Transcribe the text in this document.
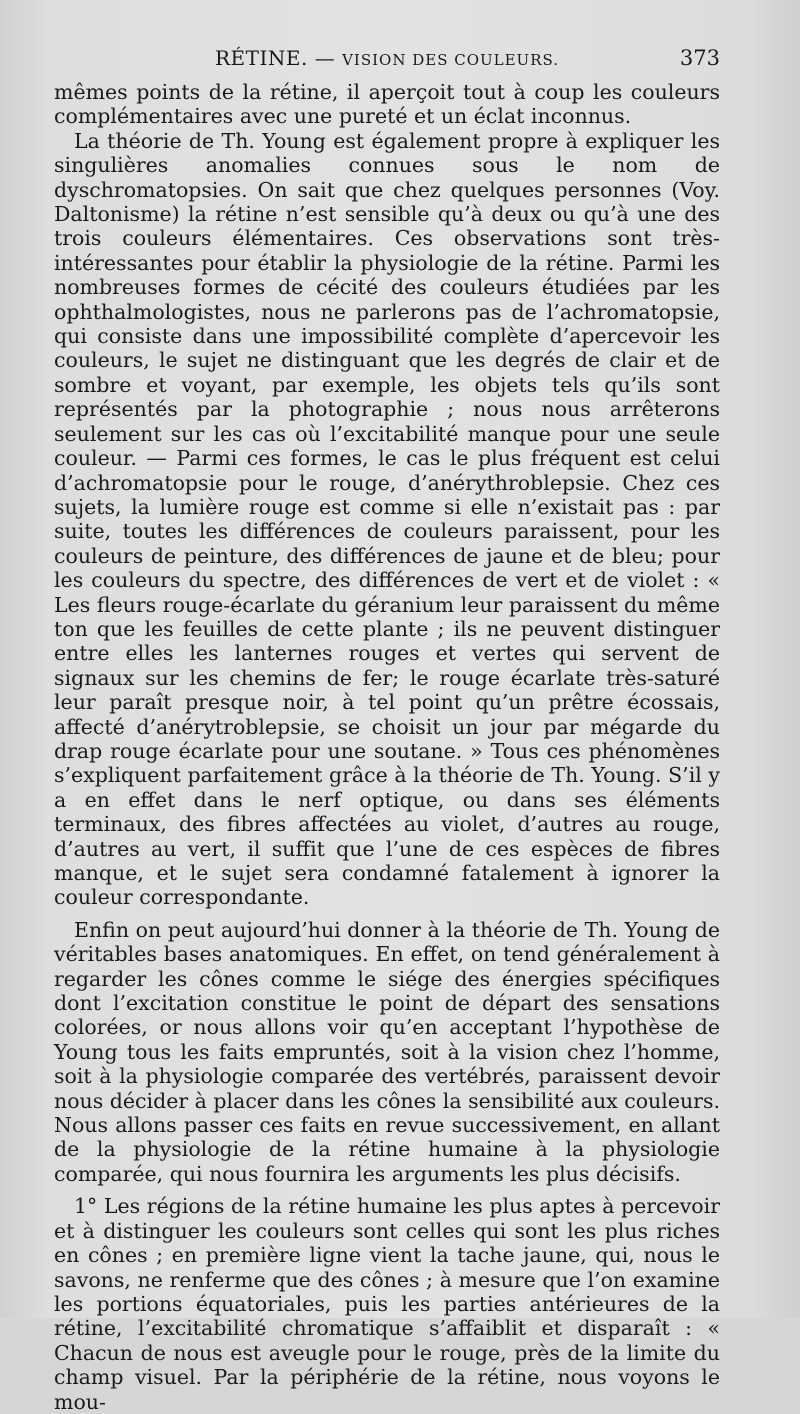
RÉTINE. — VISION DES COULEURS.	373

mêmes points de la rétine, il aperçoit tout à coup les couleurs complémentaires avec une pureté et un éclat inconnus.

La théorie de Th. Young est également propre à expliquer les singulières anomalies connues sous le nom de dyschromatopsies. On sait que chez quelques personnes (Voy. Daltonisme) la rétine n’est sensible qu’à deux ou qu’à une des trois couleurs élémentaires. Ces observations sont très-intéressantes pour établir la physiologie de la rétine. Parmi les nombreuses formes de cécité des couleurs étudiées par les ophthalmologistes, nous ne parlerons pas de l’achromatopsie, qui consiste dans une impossibilité complète d’apercevoir les couleurs, le sujet ne distinguant que les degrés de clair et de sombre et voyant, par exemple, les objets tels qu’ils sont représentés par la photographie ; nous nous arrêterons seulement sur les cas où l’excitabilité manque pour une seule couleur. — Parmi ces formes, le cas le plus fréquent est celui d’achromatopsie pour le rouge, d’anérythroblepsie. Chez ces sujets, la lumière rouge est comme si elle n’existait pas : par suite, toutes les différences de couleurs paraissent, pour les couleurs de peinture, des différences de jaune et de bleu; pour les couleurs du spectre, des différences de vert et de violet : « Les fleurs rouge-écarlate du géranium leur paraissent du même ton que les feuilles de cette plante ; ils ne peuvent distinguer entre elles les lanternes rouges et vertes qui servent de signaux sur les chemins de fer; le rouge écarlate très-saturé leur paraît presque noir, à tel point qu’un prêtre écossais, affecté d’anérytroblepsie, se choisit un jour par mégarde du drap rouge écarlate pour une soutane. » Tous ces phénomènes s’expliquent parfaitement grâce à la théorie de Th. Young. S’il y a en effet dans le nerf optique, ou dans ses éléments terminaux, des fibres affectées au violet, d’autres au rouge, d’autres au vert, il suffit que l’une de ces espèces de fibres manque, et le sujet sera condamné fatalement à ignorer la couleur correspondante.

Enfin on peut aujourd’hui donner à la théorie de Th. Young de véritables bases anatomiques. En effet, on tend généralement à regarder les cônes comme le siége des énergies spécifiques dont l’excitation constitue le point de départ des sensations colorées, or nous allons voir qu’en acceptant l’hypothèse de Young tous les faits empruntés, soit à la vision chez l’homme, soit à la physiologie comparée des vertébrés, paraissent devoir nous décider à placer dans les cônes la sensibilité aux couleurs. Nous allons passer ces faits en revue successivement, en allant de la physiologie de la rétine humaine à la physiologie comparée, qui nous fournira les arguments les plus décisifs.

1° Les régions de la rétine humaine les plus aptes à percevoir et à distinguer les couleurs sont celles qui sont les plus riches en cônes ; en première ligne vient la tache jaune, qui, nous le savons, ne renferme que des cônes ; à mesure que l’on examine les portions équatoriales, puis les parties antérieures de la rétine, l’excitabilité chromatique s’affaiblit et disparaît : « Chacun de nous est aveugle pour le rouge, près de la limite du champ visuel. Par la périphérie de la rétine, nous voyons le mou-
